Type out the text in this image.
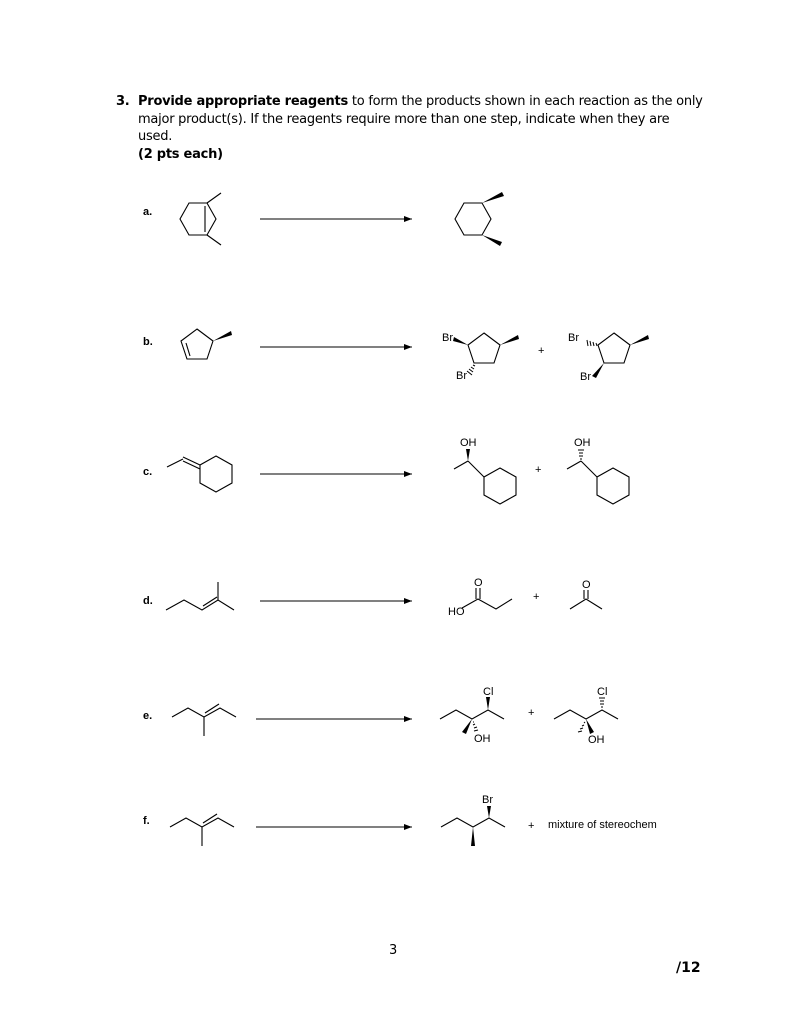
3. Provide appropriate reagents to form the products shown in each reaction as the only major product(s). If the reagents require more than one step, indicate when they are used.
(2 pts each)
a.
b.
c.
d.
e.
f.
Br
Br
+
Br
Br
OH
+
OH
O
HO
+
O
Cl
OH
+
Cl
OH
Br
+ mixture of stereochem
3
/12
